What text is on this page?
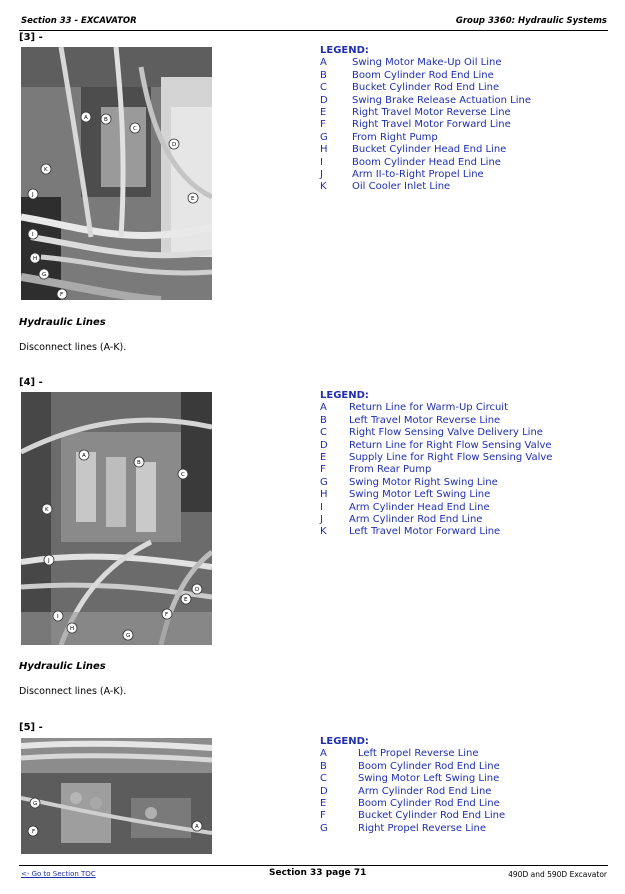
Section 33 - EXCAVATOR	Group 3360: Hydraulic Systems
[3] -
A	B
C
D
E
F
G
H
I
J
K
LEGEND:
A	Swing Motor Make-Up Oil Line
B	Boom Cylinder Rod End Line
C	Bucket Cylinder Rod End Line
D	Swing Brake Release Actuation Line
E	Right Travel Motor Reverse Line
F	Right Travel Motor Forward Line
G	From Right Pump
H	Bucket Cylinder Head End Line
I	Boom Cylinder Head End Line
J	Arm II-to-Right Propel Line
K	Oil Cooler Inlet Line
Hydraulic Lines
Disconnect lines (A-K).
[4] -
A
B
C
D
E
F
G
H
I
J
K
LEGEND:
A	Return Line for Warm-Up Circuit
B	Left Travel Motor Reverse Line
C	Right Flow Sensing Valve Delivery Line
D	Return Line for Right Flow Sensing Valve
E	Supply Line for Right Flow Sensing Valve
F	From Rear Pump
G	Swing Motor Right Swing Line
H	Swing Motor Left Swing Line
I	Arm Cylinder Head End Line
J	Arm Cylinder Rod End Line
K	Left Travel Motor Forward Line
Hydraulic Lines
Disconnect lines (A-K).
[5] -
G
F
A
LEGEND:
A	Left Propel Reverse Line
B	Boom Cylinder Rod End Line
C	Swing Motor Left Swing Line
D	Arm Cylinder Rod End Line
E	Boom Cylinder Rod End Line
F	Bucket Cylinder Rod End Line
G	Right Propel Reverse Line
<- Go to Section TOC	Section 33 page 71	490D and 590D Excavator
